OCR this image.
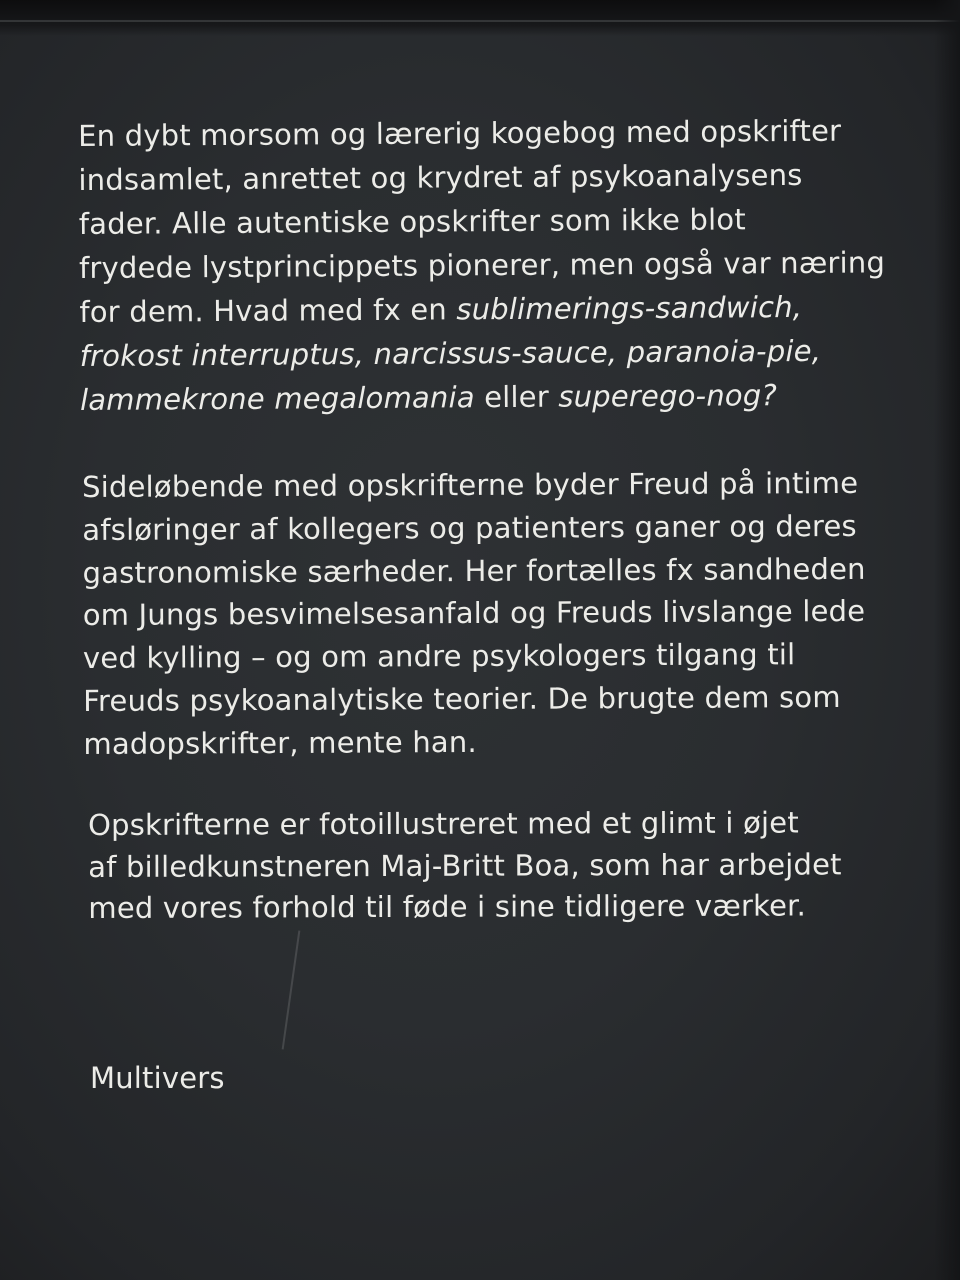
En dybt morsom og lærerig kogebog med opskrifter
indsamlet, anrettet og krydret af psykoanalysens
fader. Alle autentiske opskrifter som ikke blot
frydede lystprincippets pionerer, men også var næring
for dem. Hvad med fx en sublimerings-sandwich,
frokost interruptus, narcissus-sauce, paranoia-pie,
lammekrone megalomania eller superego-nog?

Sideløbende med opskrifterne byder Freud på intime
afsløringer af kollegers og patienters ganer og deres
gastronomiske særheder. Her fortælles fx sandheden
om Jungs besvimelsesanfald og Freuds livslange lede
ved kylling – og om andre psykologers tilgang til
Freuds psykoanalytiske teorier. De brugte dem som
madopskrifter, mente han.

Opskrifterne er fotoillustreret med et glimt i øjet
af billedkunstneren Maj-Britt Boa, som har arbejdet
med vores forhold til føde i sine tidligere værker.

Multivers
